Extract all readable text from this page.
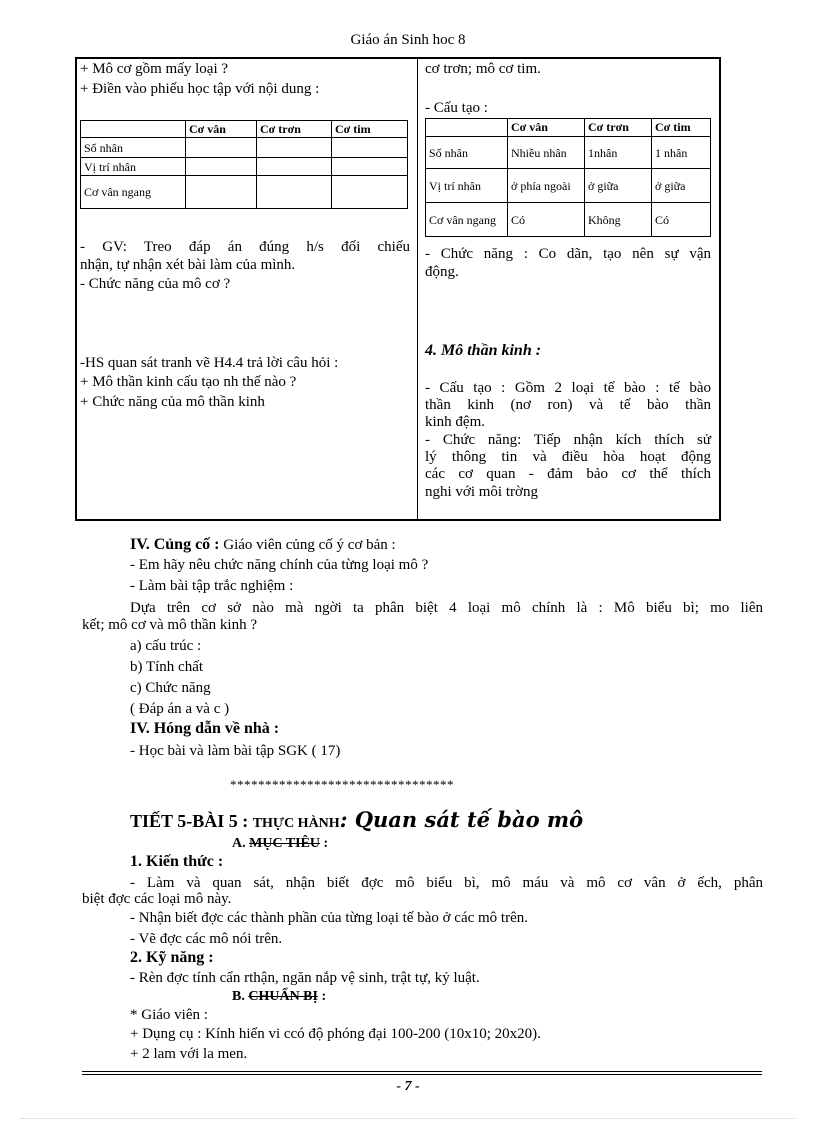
Giáo án Sinh hoc 8
+ Mô cơ gồm mấy loại ?
+ Điền vào phiếu học tập với nội dung :
	Cơ vân	Cơ trơn	Cơ tim
Số nhân			
Vị trí nhân			
Cơ vân ngang			
- GV: Treo đáp án đúng h/s đối chiếu
nhận, tự nhận xét bài làm của mình.
- Chức năng của mô cơ ?
-HS quan sát tranh vẽ H4.4 trả lời câu hỏi :
+ Mô thần kinh cấu tạo nh thế nào ?
+ Chức năng của mô thần kinh
cơ trơn; mô cơ tim.
- Cấu tạo :
	Cơ vân	Cơ trơn	Cơ tim
Số nhân	Nhiều nhân	1nhân	1 nhân
Vị trí nhân	ở phía ngoài	ở giữa	ở giữa
Cơ vân ngang	Có	Không	Có
- Chức năng : Co dãn, tạo nên sự vận
động.
4. Mô thần kinh :
- Cấu tạo : Gồm 2 loại tế bào : tế bào
thần kinh (nơ ron) và tế bào thần
kinh đệm.
- Chức năng: Tiếp nhận kích thích sử
lý thông tin và điều hòa hoạt động
các cơ quan - đảm bảo cơ thể thích
nghi với môi trờng
IV. Củng cố : Giáo viên củng cố ý cơ bản :
- Em hãy nêu chức năng chính của từng loại mô ?
- Làm bài tập trắc nghiệm :
Dựa trên cơ sở nào mà ngời ta phân biệt 4 loại mô chính là : Mô biểu bì; mo liên
kết; mô cơ và mô thần kinh ?
a) cấu trúc :
b) Tính chất
c) Chức năng
( Đáp án a và c )
IV. Hóng dẫn về nhà :
- Học bài và làm bài tập SGK ( 17)
********************************
TIẾT 5-BÀI 5 : THỰC HÀNH: Quan sát tế bào mô
A. MỤC TIÊU :
1. Kiến thức :
- Làm và quan sát, nhận biết đợc mô biểu bì, mô máu và mô cơ vân ở ếch, phân
biệt đợc các loại mô này.
- Nhận biết đợc các thành phần của từng loại tế bào ở các mô trên.
- Vẽ đợc các mô nói trên.
2. Kỹ năng :
- Rèn đợc tính cẩn rthận, ngăn nắp vệ sinh, trật tự, kỷ luật.
B. CHUẨN BỊ :
* Giáo viên :
+ Dụng cụ : Kính hiển vi ccó độ phóng đại 100-200 (10x10; 20x20).
+ 2 lam với la men.
- 7 -
